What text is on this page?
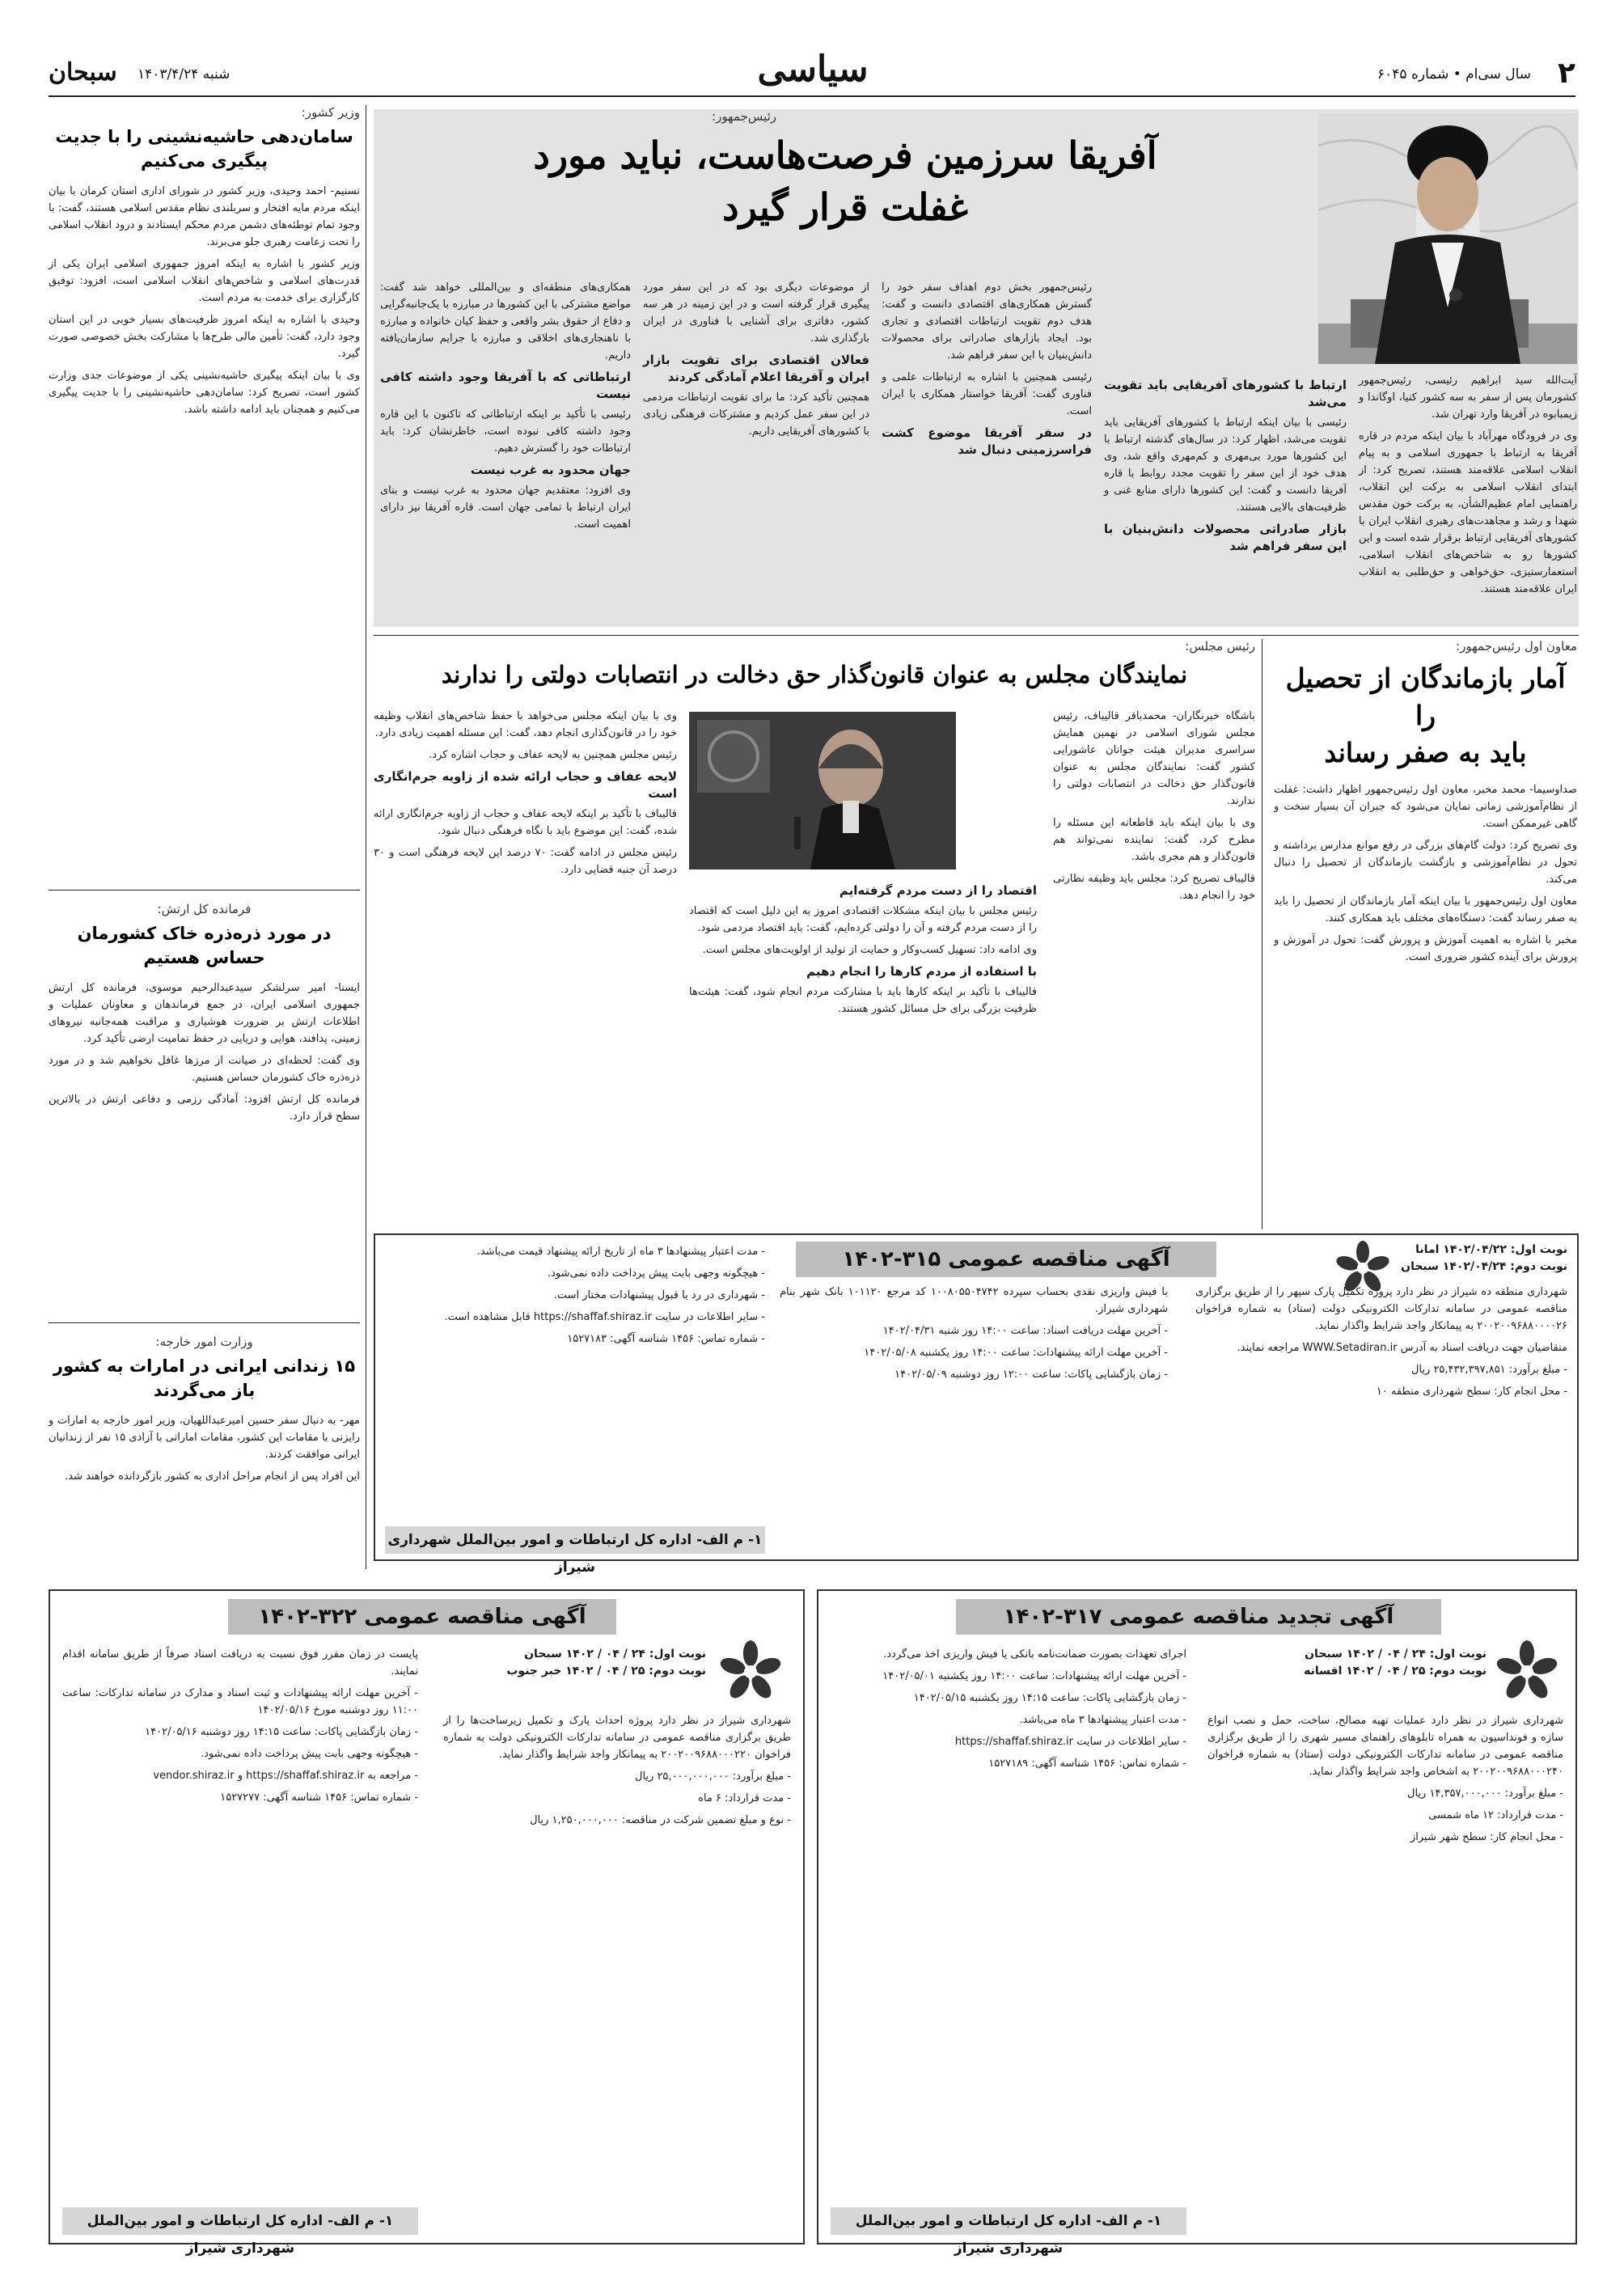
۲
سال سی‌ام • شماره ۶۰۴۵
سیاسی
شنبه ۱۴۰۳/۴/۲۴
سبحان
رئیس‌جمهور:
آفریقا سرزمین فرصت‌هاست، نباید مورد
غفلت قرار گیرد

آیت‌الله سید ابراهیم رئیسی، رئیس‌جمهور کشورمان پس از سفر به سه کشور کنیا، اوگاندا و زیمبابوه در آفریقا وارد تهران شد.

وی در فرودگاه مهرآباد با بیان اینکه مردم در قاره آفریقا به ارتباط با جمهوری اسلامی و به پیام انقلاب اسلامی علاقه‌مند هستند، تصریح کرد: از ابتدای انقلاب اسلامی به برکت این انقلاب، راهنمایی امام عظیم‌الشأن، به برکت خون مقدس شهدا و رشد و مجاهدت‌های رهبری انقلاب ایران با کشورهای آفریقایی ارتباط برقرار شده است و این کشورها رو به شاخص‌های انقلاب اسلامی، استعمارستیزی، حق‌خواهی و حق‌طلبی به انقلاب ایران علاقه‌مند هستند.

ارتباط با کشورهای آفریقایی باید تقویت می‌شد

رئیسی با بیان اینکه ارتباط با کشورهای آفریقایی باید تقویت می‌شد، اظهار کرد: در سال‌های گذشته ارتباط با این کشورها مورد بی‌مهری و کم‌مهری واقع شد، وی هدف خود از این سفر را تقویت مجدد روابط با قاره آفریقا دانست و گفت: این کشورها دارای منابع غنی و ظرفیت‌های بالایی هستند.

بازار صادراتی محصولات دانش‌بنیان با این سفر فراهم شد

رئیس‌جمهور بخش دوم اهداف سفر خود را گسترش همکاری‌های اقتصادی دانست و گفت: هدف دوم تقویت ارتباطات اقتصادی و تجاری بود. ایجاد بازارهای صادراتی برای محصولات دانش‌بنیان با این سفر فراهم شد.

رئیسی همچنین با اشاره به ارتباطات علمی و فناوری گفت: آفریقا خواستار همکاری با ایران است.

در سفر آفریقا موضوع کشت فراسرزمینی دنبال شد

از موضوعات دیگری بود که در این سفر مورد پیگیری قرار گرفته است و در این زمینه در هر سه کشور، دفاتری برای آشنایی با فناوری در ایران بارگذاری شد.

فعالان اقتصادی برای تقویت بازار ایران و آفریقا اعلام آمادگی کردند

همچنین تأکید کرد: ما برای تقویت ارتباطات مردمی در این سفر عمل کردیم و مشترکات فرهنگی زیادی با کشورهای آفریقایی داریم.

همکاری‌های منطقه‌ای و بین‌المللی خواهد شد گفت: مواضع مشترکی با این کشورها در مبارزه با یک‌جانبه‌گرایی و دفاع از حقوق بشر واقعی و حفظ کیان خانواده و مبارزه با ناهنجاری‌های اخلاقی و مبارزه با جرایم سازمان‌یافته داریم.

ارتباطاتی که با آفریقا وجود داشته کافی نیست

رئیسی با تأکید بر اینکه ارتباطاتی که تاکنون با این قاره وجود داشته کافی نبوده است، خاطرنشان کرد: باید ارتباطات خود را گسترش دهیم.

جهان محدود به غرب نیست

وی افزود: معتقدیم جهان محدود به غرب نیست و بنای ایران ارتباط با تمامی جهان است. قاره آفریقا نیز دارای اهمیت است.

وزیر کشور:
سامان‌دهی حاشیه‌نشینی را با جدیت پیگیری می‌کنیم

تسنیم- احمد وحیدی، وزیر کشور در شورای اداری استان کرمان با بیان اینکه مردم مایه افتخار و سربلندی نظام مقدس اسلامی هستند، گفت: با وجود تمام توطئه‌های دشمن مردم محکم ایستادند و درود انقلاب اسلامی را تحت زعامت رهبری جلو می‌برند.

وزیر کشور با اشاره به اینکه امروز جمهوری اسلامی ایران یکی از قدرت‌های اسلامی و شاخص‌های انقلاب اسلامی است، افزود: توفیق کارگزاری برای خدمت به مردم است.

وحیدی با اشاره به اینکه امروز ظرفیت‌های بسیار خوبی در این استان وجود دارد، گفت: تأمین مالی طرح‌ها با مشارکت بخش خصوصی صورت گیرد.

وی با بیان اینکه پیگیری حاشیه‌نشینی یکی از موضوعات جدی وزارت کشور است، تصریح کرد: سامان‌دهی حاشیه‌نشینی را با جدیت پیگیری می‌کنیم و همچنان باید ادامه داشته باشد.

فرمانده کل ارتش:
در مورد ذره‌ذره خاک کشورمان حساس هستیم

ایسنا- امیر سرلشکر سیدعبدالرحیم موسوی، فرمانده کل ارتش جمهوری اسلامی ایران، در جمع فرماندهان و معاونان عملیات و اطلاعات ارتش بر ضرورت هوشیاری و مراقبت همه‌جانبه نیروهای زمینی، پدافند، هوایی و دریایی در حفظ تمامیت ارضی تأکید کرد.

وی گفت: لحظه‌ای در صیانت از مرزها غافل نخواهیم شد و در مورد ذره‌ذره خاک کشورمان حساس هستیم.

فرمانده کل ارتش افزود: آمادگی رزمی و دفاعی ارتش در بالاترین سطح قرار دارد.

وزارت امور خارجه:
۱۵ زندانی ایرانی در امارات به کشور باز می‌گردند

مهر- به دنبال سفر حسین امیرعبداللهیان، وزیر امور خارجه به امارات و رایزنی با مقامات این کشور، مقامات اماراتی با آزادی ۱۵ نفر از زندانیان ایرانی موافقت کردند.

این افراد پس از انجام مراحل اداری به کشور بازگردانده خواهند شد.

معاون اول رئیس‌جمهور:
آمار بازماندگان از تحصیل را
باید به صفر رساند

صداوسیما- محمد مخبر، معاون اول رئیس‌جمهور اظهار داشت: غفلت از نظام‌آموزشی زمانی نمایان می‌شود که جبران آن بسیار سخت و گاهی غیرممکن است.

وی تصریح کرد: دولت گام‌های بزرگی در رفع موانع مدارس برداشته و تحول در نظام‌آموزشی و بازگشت بازماندگان از تحصیل را دنبال می‌کند.

معاون اول رئیس‌جمهور با بیان اینکه آمار بازماندگان از تحصیل را باید به صفر رساند گفت: دستگاه‌های مختلف باید همکاری کنند.

مخبر با اشاره به اهمیت آموزش و پرورش گفت: تحول در آموزش و پرورش برای آینده کشور ضروری است.

رئیس مجلس:
نمایندگان مجلس به عنوان قانون‌گذار حق دخالت در انتصابات دولتی را ندارند

باشگاه خبرنگاران- محمدباقر قالیباف، رئیس مجلس شورای اسلامی در نهمین همایش سراسری مدیران هیئت جوانان عاشورایی کشور گفت: نمایندگان مجلس به عنوان قانون‌گذار حق دخالت در انتصابات دولتی را ندارند.

وی با بیان اینکه باید قاطعانه این مسئله را مطرح کرد، گفت: نماینده نمی‌تواند هم قانون‌گذار و هم مجری باشد.

قالیباف تصریح کرد: مجلس باید وظیفه نظارتی خود را انجام دهد.

اقتصاد را از دست مردم گرفته‌ایم

رئیس مجلس با بیان اینکه مشکلات اقتصادی امروز به این دلیل است که اقتصاد را از دست مردم گرفته و آن را دولتی کرده‌ایم، گفت: باید اقتصاد مردمی شود.

وی ادامه داد: تسهیل کسب‌وکار و حمایت از تولید از اولویت‌های مجلس است.

با استفاده از مردم کارها را انجام دهیم

قالیباف با تأکید بر اینکه کارها باید با مشارکت مردم انجام شود، گفت: هیئت‌ها ظرفیت بزرگی برای حل مسائل کشور هستند.

وی با بیان اینکه مجلس می‌خواهد با حفظ شاخص‌های انقلاب وظیفه خود را در قانون‌گذاری انجام دهد، گفت: این مسئله اهمیت زیادی دارد.

رئیس مجلس همچنین به لایحه عفاف و حجاب اشاره کرد.

لایحه عفاف و حجاب ارائه شده از زاویه جرم‌انگاری است

قالیباف با تأکید بر اینکه لایحه عفاف و حجاب از زاویه جرم‌انگاری ارائه شده، گفت: این موضوع باید با نگاه فرهنگی دنبال شود.

رئیس مجلس در ادامه گفت: ۷۰ درصد این لایحه فرهنگی است و ۳۰ درصد آن جنبه قضایی دارد.

آگهی مناقصه عمومی ۳۱۵-۱۴۰۲	نوبت اول: ۱۴۰۲/۰۴/۲۲ امانا
نوبت دوم: ۱۴۰۲/۰۴/۲۴ سبحان

شهرداری منطقه ده شیراز در نظر دارد پروژه تکمیل پارک سپهر را از طریق برگزاری مناقصه عمومی در سامانه تدارکات الکترونیکی دولت (ستاد) به شماره فراخوان ۲۰۰۲۰۰۹۶۸۸۰۰۰۰۲۶ به پیمانکار واجد شرایط واگذار نماید.

متقاضیان جهت دریافت اسناد به آدرس WWW.Setadiran.ir مراجعه نمایند.

- مبلغ برآورد: ۲۵,۴۳۲,۳۹۷,۸۵۱ ریال

- محل انجام کار: سطح شهرداری منطقه ۱۰

با فیش واریزی نقدی بحساب سپرده ۱۰۰۸۰۵۵۰۴۷۴۲ کد مرجع ۱۰۱۱۲۰ بانک شهر بنام شهرداری شیراز.

- آخرین مهلت دریافت اسناد: ساعت ۱۴:۰۰ روز شنبه ۱۴۰۲/۰۴/۳۱

- آخرین مهلت ارائه پیشنهادات: ساعت ۱۴:۰۰ روز یکشنبه ۱۴۰۲/۰۵/۰۸

- زمان بازگشایی پاکات: ساعت ۱۲:۰۰ روز دوشنبه ۱۴۰۲/۰۵/۰۹

- مدت اعتبار پیشنهادها ۳ ماه از تاریخ ارائه پیشنهاد قیمت می‌باشد.

- هیچگونه وجهی بابت پیش پرداخت داده نمی‌شود.

- شهرداری در رد یا قبول پیشنهادات مختار است.

- سایر اطلاعات در سایت https://shaffaf.shiraz.ir قابل مشاهده است.

- شماره تماس: ۱۴۵۶ شناسه آگهی: ۱۵۲۷۱۸۳

۱- م الف- اداره کل ارتباطات و امور بین‌الملل شهرداری شیراز
آگهی مناقصه عمومی ۳۲۲-۱۴۰۲
نوبت اول: ۲۴ / ۰۴ / ۱۴۰۲ سبحان
نوبت دوم: ۲۵ / ۰۴ / ۱۴۰۲ خبر جنوب

شهرداری شیراز در نظر دارد پروژه احداث پارک و تکمیل زیرساخت‌ها را از طریق برگزاری مناقصه عمومی در سامانه تدارکات الکترونیکی دولت به شماره فراخوان ۲۰۰۲۰۰۹۶۸۸۰۰۰۲۲۰ به پیمانکار واجد شرایط واگذار نماید.

- مبلغ برآورد: ۲۵,۰۰۰,۰۰۰,۰۰۰ ریال

- مدت قرارداد: ۶ ماه

- نوع و مبلغ تضمین شرکت در مناقصه: ۱,۲۵۰,۰۰۰,۰۰۰ ریال

پایست در زمان مقرر فوق نسبت به دریافت اسناد صرفاً از طریق سامانه اقدام نمایند.

- آخرین مهلت ارائه پیشنهادات و ثبت اسناد و مدارک در سامانه تدارکات: ساعت ۱۱:۰۰ روز دوشنبه مورخ ۱۴۰۲/۰۵/۱۶

- زمان بازگشایی پاکات: ساعت ۱۴:۱۵ روز دوشنبه ۱۴۰۲/۰۵/۱۶

- هیچگونه وجهی بابت پیش پرداخت داده نمی‌شود.

- مراجعه به https://shaffaf.shiraz.ir و vendor.shiraz.ir

- شماره تماس: ۱۴۵۶ شناسه آگهی: ۱۵۲۷۲۷۷

۱- م الف- اداره کل ارتباطات و امور بین‌الملل شهرداری شیراز
آگهی تجدید مناقصه عمومی ۳۱۷-۱۴۰۲
نوبت اول: ۲۴ / ۰۴ / ۱۴۰۲ سبحان
نوبت دوم: ۲۵ / ۰۴ / ۱۴۰۲ افسانه

شهرداری شیراز در نظر دارد عملیات تهیه مصالح، ساخت، حمل و نصب انواع سازه و فونداسیون به همراه تابلوهای راهنمای مسیر شهری را از طریق برگزاری مناقصه عمومی در سامانه تدارکات الکترونیکی دولت (ستاد) به شماره فراخوان ۲۰۰۲۰۰۹۶۸۸۰۰۰۲۴۰ به اشخاص واجد شرایط واگذار نماید.

- مبلغ برآورد: ۱۴,۳۵۷,۰۰۰,۰۰۰ ریال

- مدت قرارداد: ۱۲ ماه شمسی

- محل انجام کار: سطح شهر شیراز

اجرای تعهدات بصورت ضمانت‌نامه بانکی یا فیش واریزی اخذ می‌گردد.

- آخرین مهلت ارائه پیشنهادات: ساعت ۱۴:۰۰ روز یکشنبه ۱۴۰۲/۰۵/۰۱

- زمان بازگشایی پاکات: ساعت ۱۴:۱۵ روز یکشنبه ۱۴۰۲/۰۵/۱۵

- مدت اعتبار پیشنهادها ۳ ماه می‌باشد.

- سایر اطلاعات در سایت https://shaffaf.shiraz.ir

- شماره تماس: ۱۴۵۶ شناسه آگهی: ۱۵۲۷۱۸۹

۱- م الف- اداره کل ارتباطات و امور بین‌الملل شهرداری شیراز
